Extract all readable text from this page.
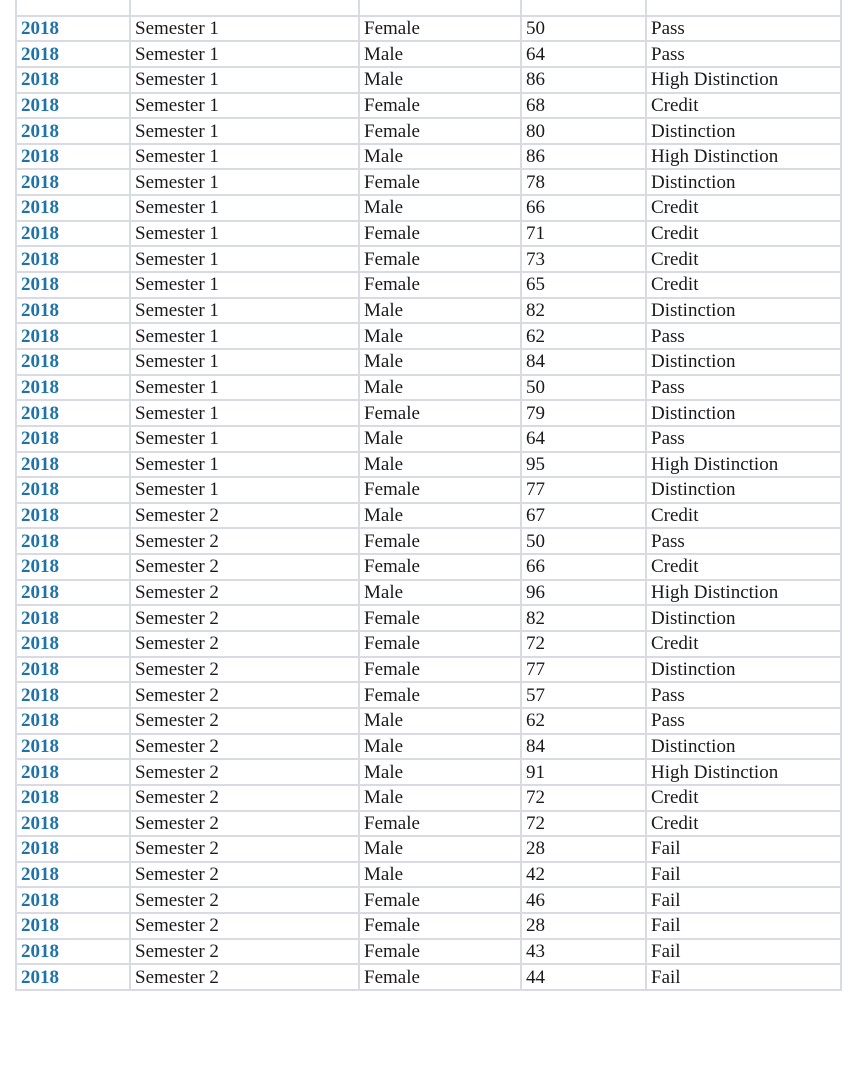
2018	Semester 1	Female	50	Pass
2018	Semester 1	Male	64	Pass
2018	Semester 1	Male	86	High Distinction
2018	Semester 1	Female	68	Credit
2018	Semester 1	Female	80	Distinction
2018	Semester 1	Male	86	High Distinction
2018	Semester 1	Female	78	Distinction
2018	Semester 1	Male	66	Credit
2018	Semester 1	Female	71	Credit
2018	Semester 1	Female	73	Credit
2018	Semester 1	Female	65	Credit
2018	Semester 1	Male	82	Distinction
2018	Semester 1	Male	62	Pass
2018	Semester 1	Male	84	Distinction
2018	Semester 1	Male	50	Pass
2018	Semester 1	Female	79	Distinction
2018	Semester 1	Male	64	Pass
2018	Semester 1	Male	95	High Distinction
2018	Semester 1	Female	77	Distinction
2018	Semester 2	Male	67	Credit
2018	Semester 2	Female	50	Pass
2018	Semester 2	Female	66	Credit
2018	Semester 2	Male	96	High Distinction
2018	Semester 2	Female	82	Distinction
2018	Semester 2	Female	72	Credit
2018	Semester 2	Female	77	Distinction
2018	Semester 2	Female	57	Pass
2018	Semester 2	Male	62	Pass
2018	Semester 2	Male	84	Distinction
2018	Semester 2	Male	91	High Distinction
2018	Semester 2	Male	72	Credit
2018	Semester 2	Female	72	Credit
2018	Semester 2	Male	28	Fail
2018	Semester 2	Male	42	Fail
2018	Semester 2	Female	46	Fail
2018	Semester 2	Female	28	Fail
2018	Semester 2	Female	43	Fail
2018	Semester 2	Female	44	Fail
